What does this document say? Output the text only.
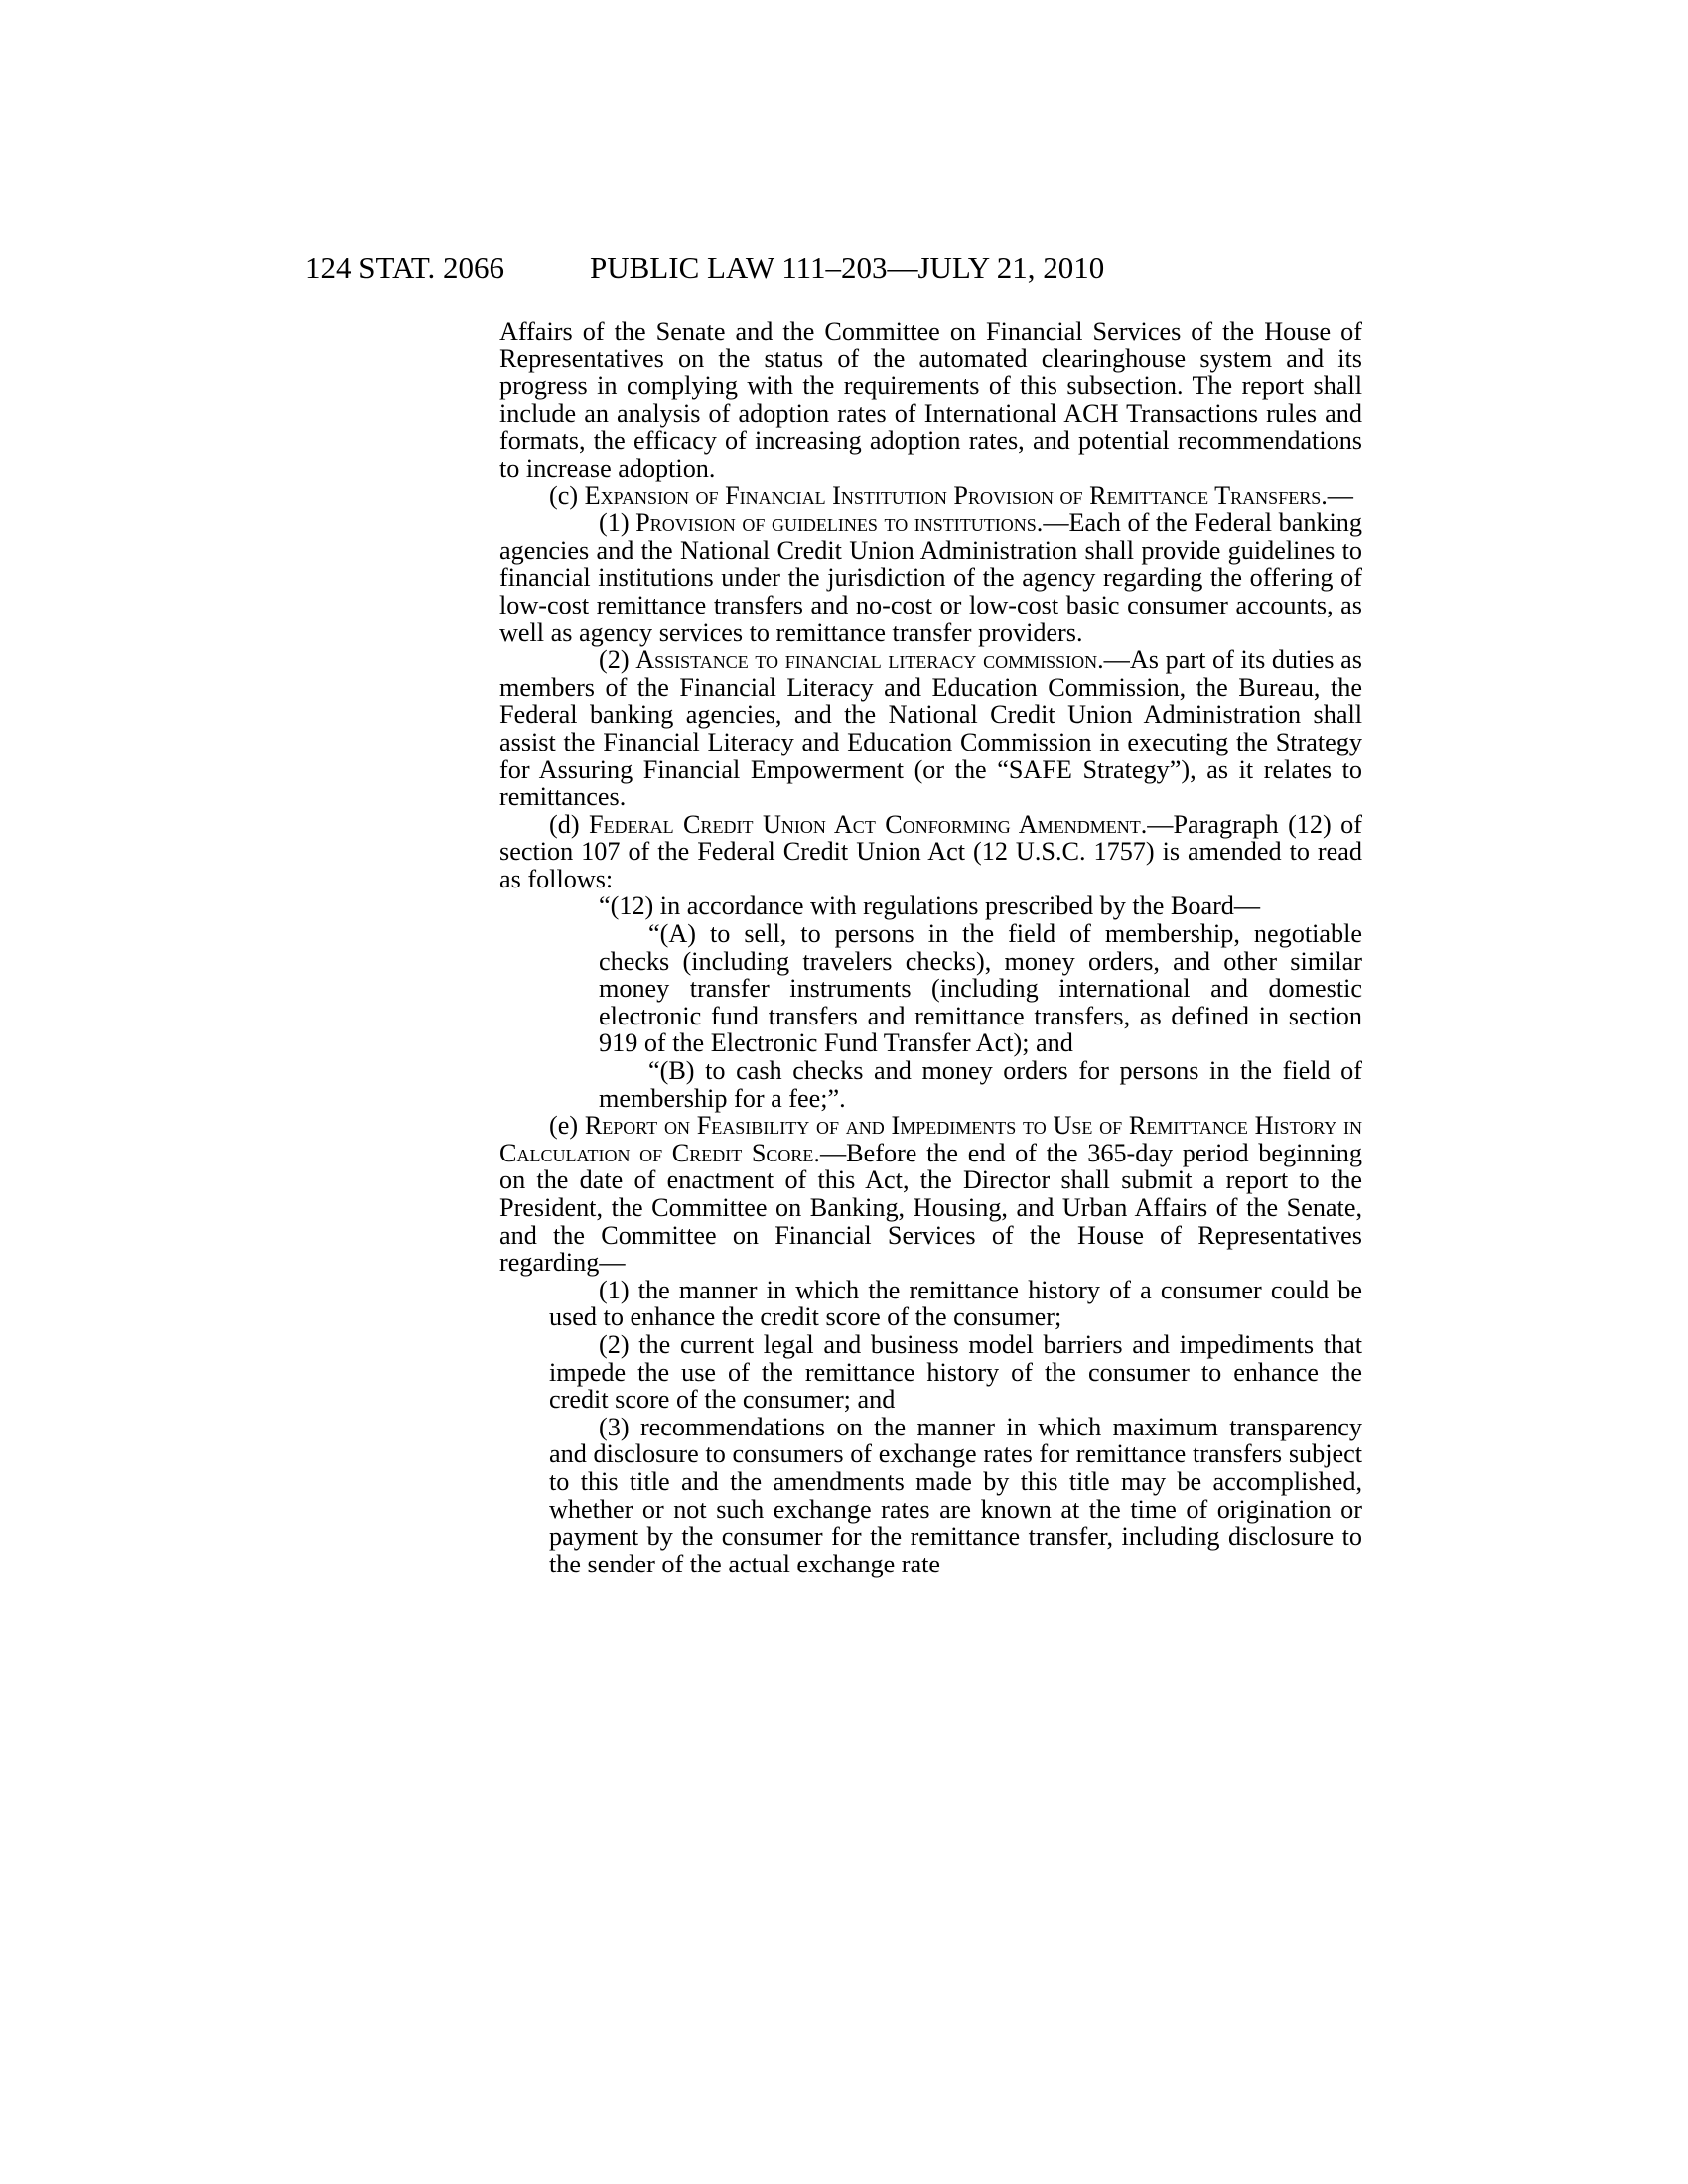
124 STAT. 2066	PUBLIC LAW 111–203—JULY 21, 2010

Affairs of the Senate and the Committee on Financial Services of the House of Representatives on the status of the automated clearinghouse system and its progress in complying with the requirements of this subsection. The report shall include an analysis of adoption rates of International ACH Transactions rules and formats, the efficacy of increasing adoption rates, and potential recommendations to increase adoption.

(c) Expansion of Financial Institution Provision of Remittance Transfers.—

(1) Provision of guidelines to institutions.—Each of the Federal banking agencies and the National Credit Union Administration shall provide guidelines to financial institutions under the jurisdiction of the agency regarding the offering of low-cost remittance transfers and no-cost or low-cost basic consumer accounts, as well as agency services to remittance transfer providers.

(2) Assistance to financial literacy commission.—As part of its duties as members of the Financial Literacy and Education Commission, the Bureau, the Federal banking agencies, and the National Credit Union Administration shall assist the Financial Literacy and Education Commission in executing the Strategy for Assuring Financial Empowerment (or the “SAFE Strategy”), as it relates to remittances.

(d) Federal Credit Union Act Conforming Amendment.—Paragraph (12) of section 107 of the Federal Credit Union Act (12 U.S.C. 1757) is amended to read as follows:

“(12) in accordance with regulations prescribed by the Board—

“(A) to sell, to persons in the field of membership, negotiable checks (including travelers checks), money orders, and other similar money transfer instruments (including international and domestic electronic fund transfers and remittance transfers, as defined in section 919 of the Electronic Fund Transfer Act); and

“(B) to cash checks and money orders for persons in the field of membership for a fee;”.

(e) Report on Feasibility of and Impediments to Use of Remittance History in Calculation of Credit Score.—Before the end of the 365-day period beginning on the date of enactment of this Act, the Director shall submit a report to the President, the Committee on Banking, Housing, and Urban Affairs of the Senate, and the Committee on Financial Services of the House of Representatives regarding—

(1) the manner in which the remittance history of a consumer could be used to enhance the credit score of the consumer;

(2) the current legal and business model barriers and impediments that impede the use of the remittance history of the consumer to enhance the credit score of the consumer; and

(3) recommendations on the manner in which maximum transparency and disclosure to consumers of exchange rates for remittance transfers subject to this title and the amendments made by this title may be accomplished, whether or not such exchange rates are known at the time of origination or payment by the consumer for the remittance transfer, including disclosure to the sender of the actual exchange rate
